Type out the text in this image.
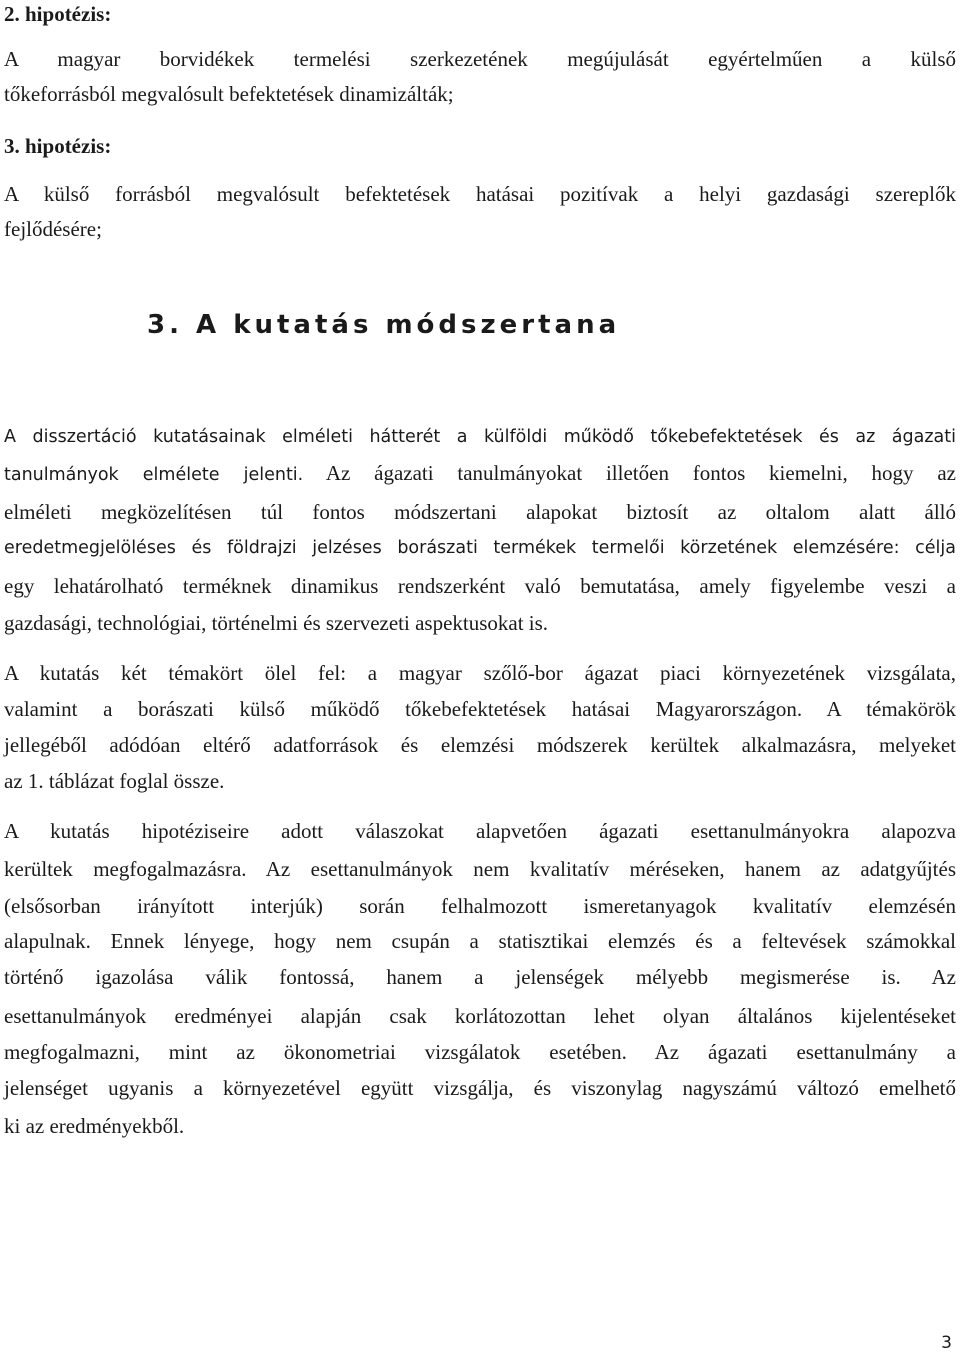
2. hipotézis:
A magyar borvidékek termelési szerkezetének megújulását egyértelműen a külső
tőkeforrásból megvalósult befektetések dinamizálták;
3. hipotézis:
A külső forrásból megvalósult befektetések hatásai pozitívak a helyi gazdasági szereplők
fejlődésére;
3. A kutatás módszertana
A disszertáció kutatásainak elméleti hátterét a külföldi működő tőkebefektetések és az ágazati
tanulmányok elmélete jelenti. Az ágazati tanulmányokat illetően fontos kiemelni, hogy az
elméleti megközelítésen túl fontos módszertani alapokat biztosít az oltalom alatt álló
eredetmegjelöléses és földrajzi jelzéses borászati termékek termelői körzetének elemzésére: célja
egy lehatárolható terméknek dinamikus rendszerként való bemutatása, amely figyelembe veszi a
gazdasági, technológiai, történelmi és szervezeti aspektusokat is.
A kutatás két témakört ölel fel: a magyar szőlő-bor ágazat piaci környezetének vizsgálata,
valamint a borászati külső működő tőkebefektetések hatásai Magyarországon. A témakörök
jellegéből adódóan eltérő adatforrások és elemzési módszerek kerültek alkalmazásra, melyeket
az 1. táblázat foglal össze.
A kutatás hipotéziseire adott válaszokat alapvetően ágazati esettanulmányokra alapozva
kerültek megfogalmazásra. Az esettanulmányok nem kvalitatív méréseken, hanem az adatgyűjtés
(elsősorban irányított interjúk) során felhalmozott ismeretanyagok kvalitatív elemzésén
alapulnak. Ennek lényege, hogy nem csupán a statisztikai elemzés és a feltevések számokkal
történő igazolása válik fontossá, hanem a jelenségek mélyebb megismerése is. Az
esettanulmányok eredményei alapján csak korlátozottan lehet olyan általános kijelentéseket
megfogalmazni, mint az ökonometriai vizsgálatok esetében. Az ágazati esettanulmány a
jelenséget ugyanis a környezetével együtt vizsgálja, és viszonylag nagyszámú változó emelhető
ki az eredményekből.
3
